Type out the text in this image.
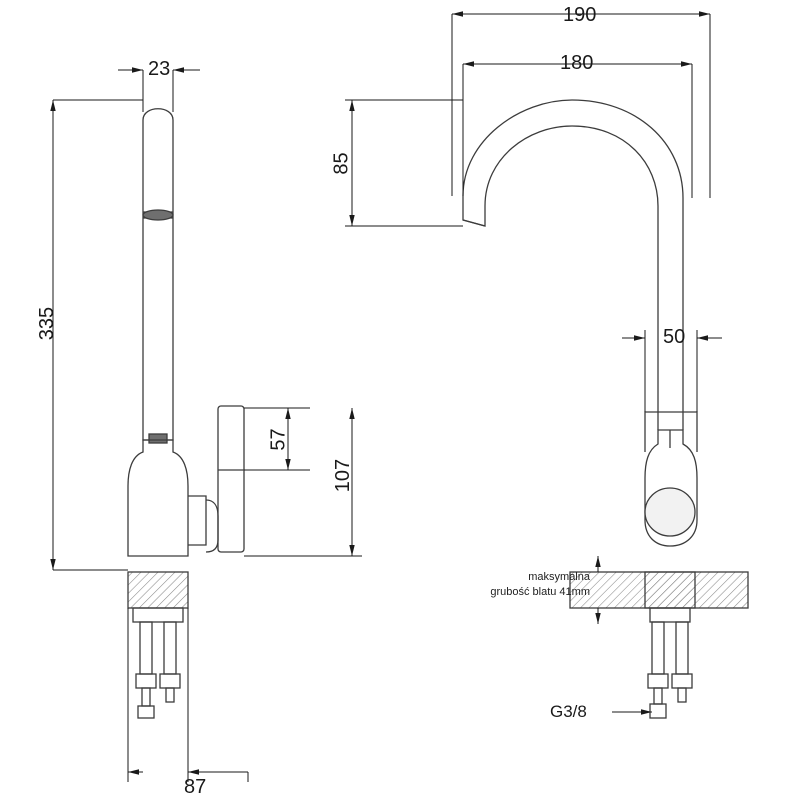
23
335
87
57
107
190
180
85
50
maksymalna
grubość blatu 41mm
G3/8
